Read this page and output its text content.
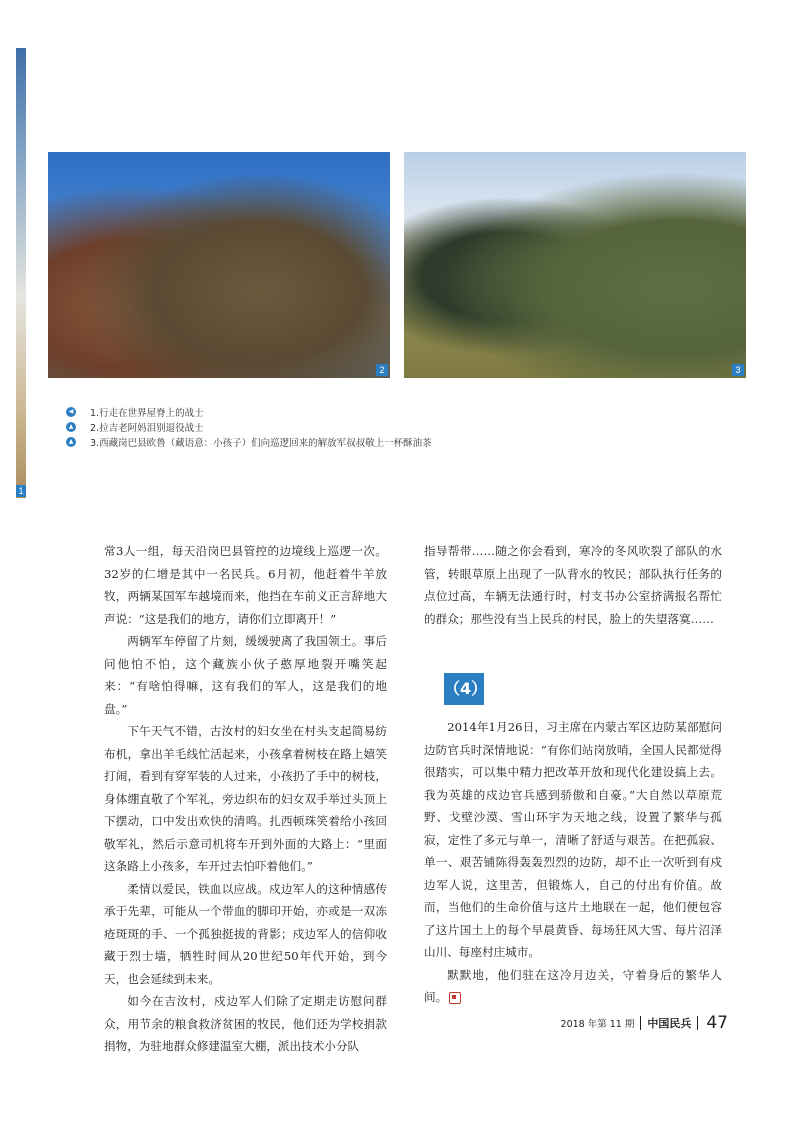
1
2	3
◀ 1.行走在世界屋脊上的战士
▲ 2.拉吉老阿妈泪别退役战士
▲ 3.西藏岗巴县欧鲁（藏语意：小孩子）们向巡逻回来的解放军叔叔敬上一杯酥油茶

常3人一组，每天沿岗巴县管控的边境线上巡逻一次。32岁的仁增是其中一名民兵。6月初，他赶着牛羊放牧，两辆某国军车越境而来，他挡在车前义正言辞地大声说：“这是我们的地方，请你们立即离开！”

两辆军车停留了片刻，缓缓驶离了我国领土。事后问他怕不怕，这个藏族小伙子憨厚地裂开嘴笑起来：“有啥怕得嘛，这有我们的军人，这是我们的地盘。”

下午天气不错，古汝村的妇女坐在村头支起简易纺布机，拿出羊毛线忙活起来，小孩拿着树枝在路上嬉笑打闹，看到有穿军装的人过来，小孩扔了手中的树枝，身体绷直敬了个军礼，旁边织布的妇女双手举过头顶上下摆动，口中发出欢快的清鸣。扎西顿珠笑着给小孩回敬军礼，然后示意司机将车开到外面的大路上：“里面这条路上小孩多，车开过去怕吓着他们。”

柔情以爱民，铁血以应战。戍边军人的这种情感传承于先辈，可能从一个带血的脚印开始，亦或是一双冻疮斑斑的手、一个孤独挺拔的背影；戍边军人的信仰收藏于烈士墙，牺牲时间从20世纪50年代开始，到今天，也会延续到未来。

如今在吉汝村，戍边军人们除了定期走访慰问群众，用节余的粮食救济贫困的牧民，他们还为学校捐款捐物，为驻地群众修建温室大棚，派出技术小分队

指导帮带……随之你会看到，寒冷的冬风吹裂了部队的水管，转眼草原上出现了一队背水的牧民；部队执行任务的点位过高，车辆无法通行时，村支书办公室挤满报名帮忙的群众；那些没有当上民兵的村民，脸上的失望落寞……

（4）

2014年1月26日，习主席在内蒙古军区边防某部慰问边防官兵时深情地说：“有你们站岗放哨，全国人民都觉得很踏实，可以集中精力把改革开放和现代化建设搞上去。我为英雄的戍边官兵感到骄傲和自豪。”大自然以草原荒野、戈壁沙漠、雪山环宇为天地之线，设置了繁华与孤寂，定性了多元与单一，清晰了舒适与艰苦。在把孤寂、单一、艰苦铺陈得轰轰烈烈的边防，却不止一次听到有戍边军人说，这里苦，但锻炼人，自己的付出有价值。故而，当他们的生命价值与这片土地联在一起，他们便包容了这片国土上的每个早晨黄昏、每场狂风大雪、每片沼泽山川、每座村庄城市。

默默地，他们驻在这冷月边关，守着身后的繁华人间。

2018 年第 11 期 中国民兵 47
